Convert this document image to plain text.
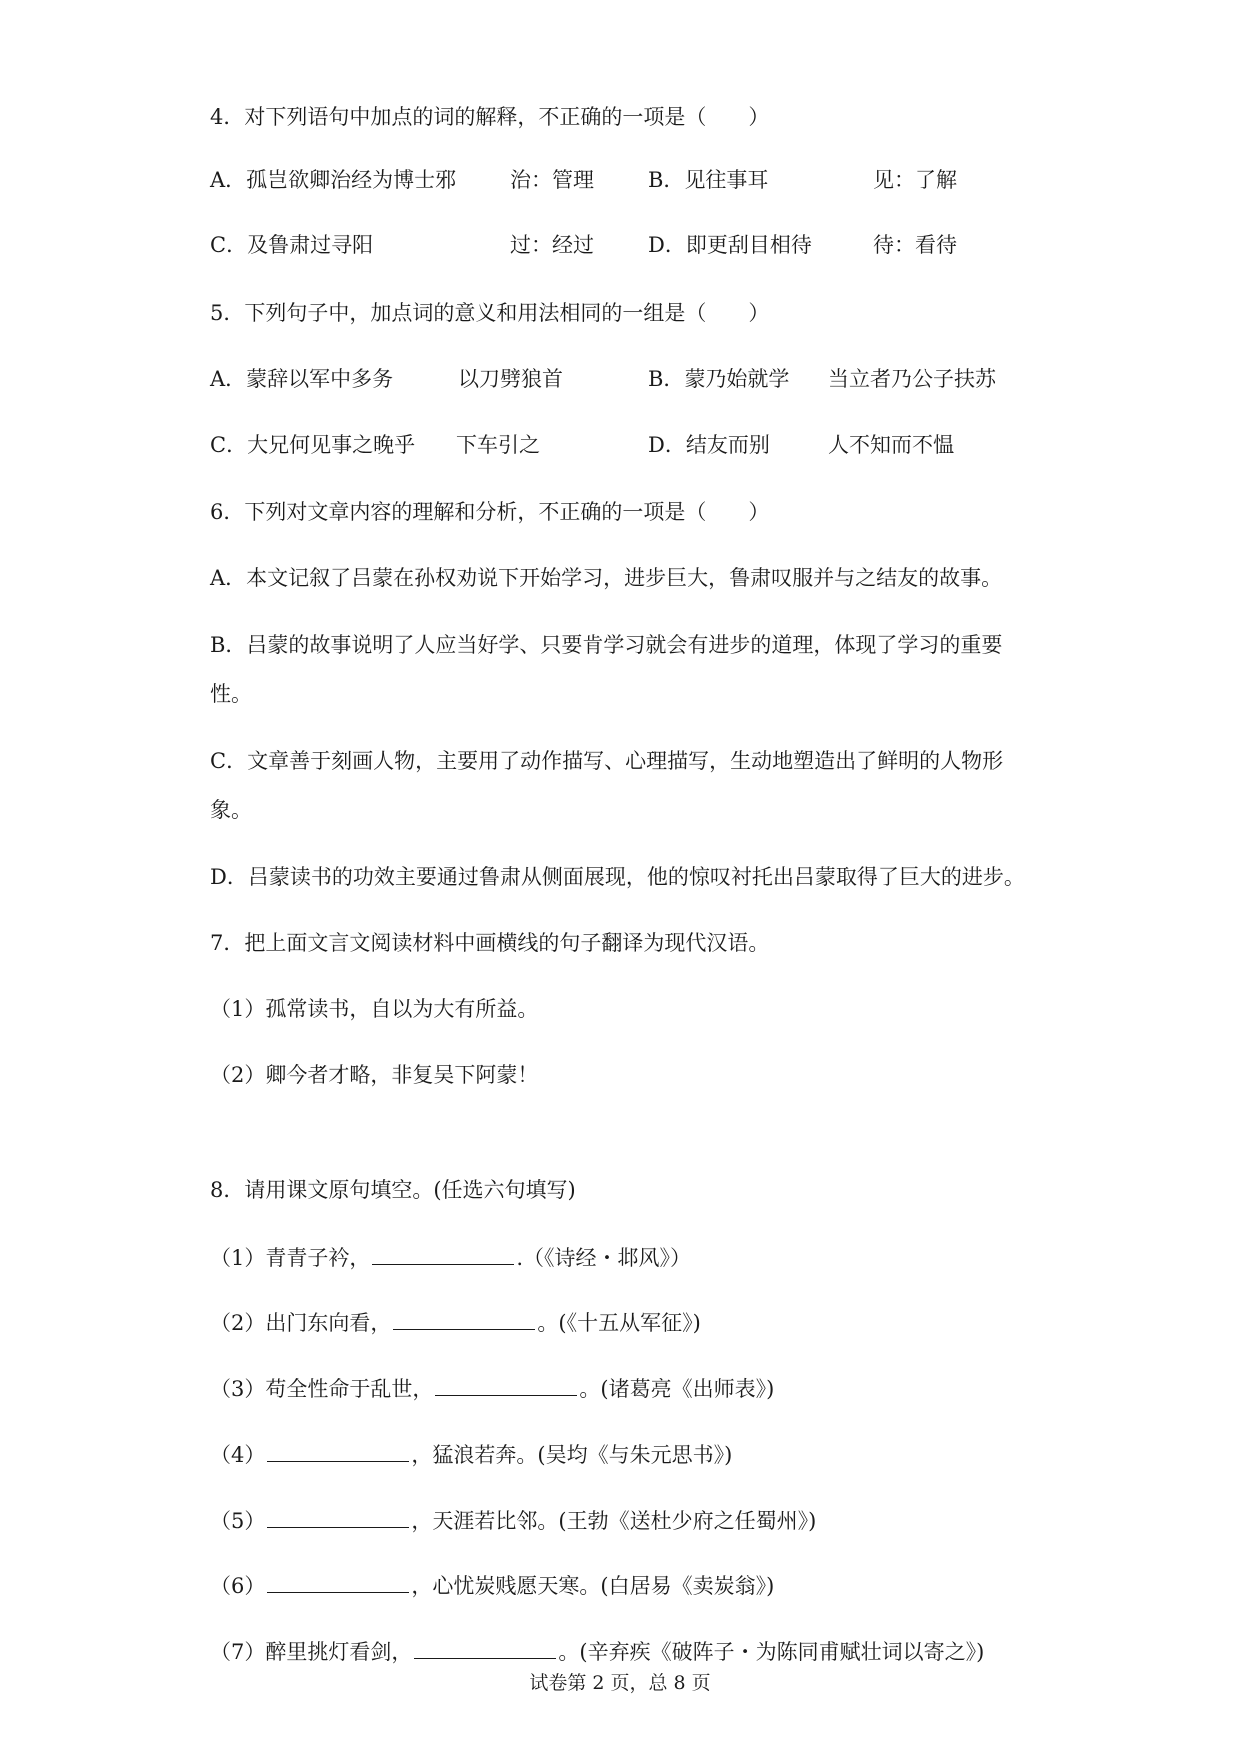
4．对下列语句中加点的词的解释，不正确的一项是（　　）
A．孤岂欲卿治经为博士邪	治：管理	B．见往事耳	见：了解
C．及鲁肃过寻阳	过：经过	D．即更刮目相待	待：看待
5．下列句子中，加点词的意义和用法相同的一组是（　　）
A．蒙辞以军中多务	以刀劈狼首	B．蒙乃始就学 当立者乃公子扶苏
C．大兄何见事之晚乎 下车引之	D．结友而别	人不知而不愠
6．下列对文章内容的理解和分析，不正确的一项是（　　）
A．本文记叙了吕蒙在孙权劝说下开始学习，进步巨大，鲁肃叹服并与之结友的故事。
B．吕蒙的故事说明了人应当好学、只要肯学习就会有进步的道理，体现了学习的重要
性。
C．文章善于刻画人物，主要用了动作描写、心理描写，生动地塑造出了鲜明的人物形
象。
D．吕蒙读书的功效主要通过鲁肃从侧面展现，他的惊叹衬托出吕蒙取得了巨大的进步。
7．把上面文言文阅读材料中画横线的句子翻译为现代汉语。
（1）孤常读书，自以为大有所益。
（2）卿今者才略，非复吴下阿蒙！
8．请用课文原句填空。(任选六句填写)
（1）青青子衿，	.（《诗经・邶风》）
（2）出门东向看，	。(《十五从军征》)
（3）苟全性命于乱世，	。(诸葛亮《出师表》)
（4）	，猛浪若奔。(吴均《与朱元思书》)
（5）	，天涯若比邻。(王勃《送杜少府之任蜀州》)
（6）	，心忧炭贱愿天寒。(白居易《卖炭翁》)
（7）醉里挑灯看剑，	。(辛弃疾《破阵子・为陈同甫赋壮词以寄之》)
试卷第 2 页，总 8 页
